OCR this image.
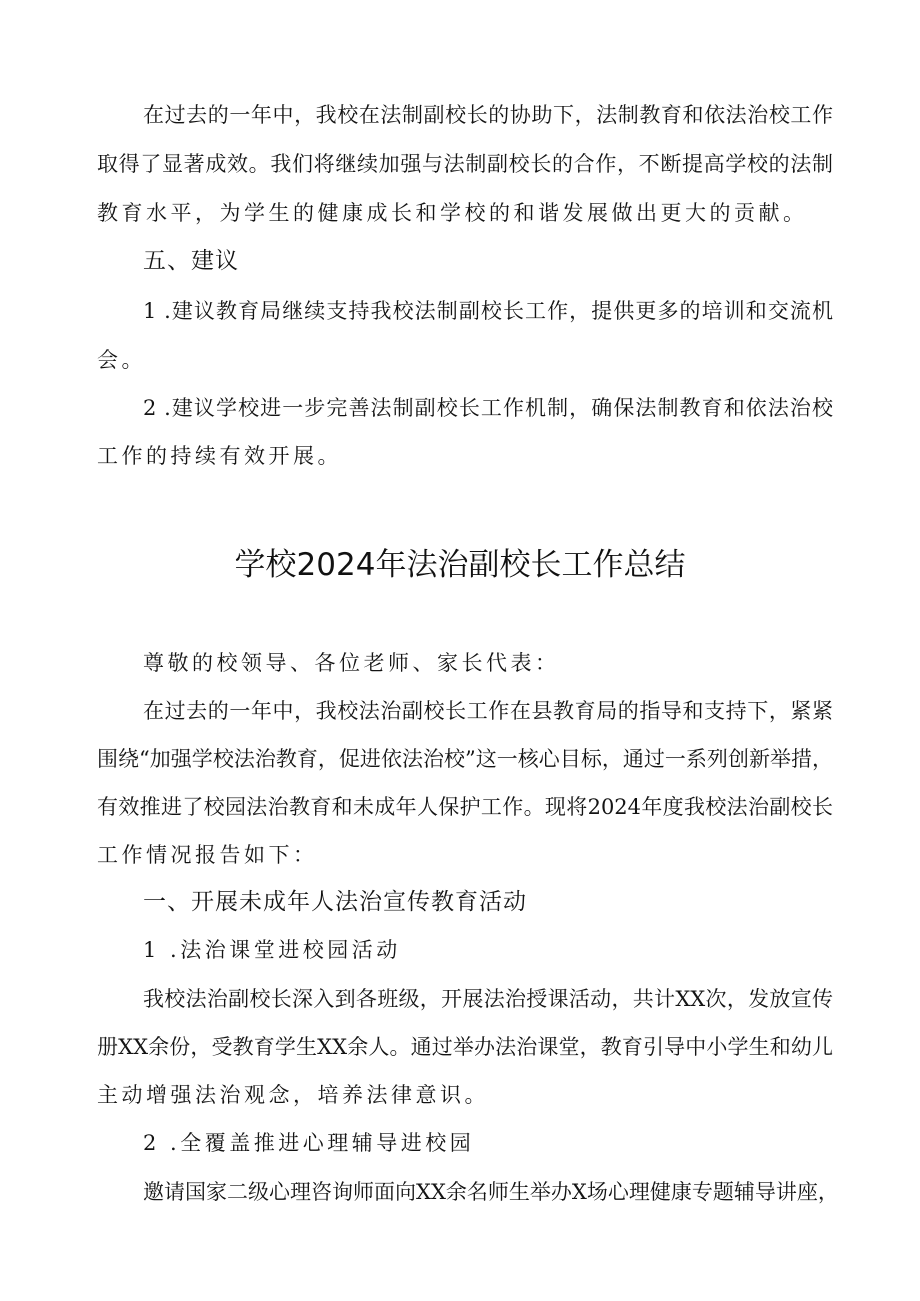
在过去的一年中，我校在法制副校长的协助下，法制教育和依法治校工作
取得了显著成效。我们将继续加强与法制副校长的合作，不断提高学校的法制
教育水平，为学生的健康成长和学校的和谐发展做出更大的贡献。
五、建议
1 .建议教育局继续支持我校法制副校长工作，提供更多的培训和交流机
会。
2 .建议学校进一步完善法制副校长工作机制，确保法制教育和依法治校
工作的持续有效开展。
学校2024年法治副校长工作总结
尊敬的校领导、各位老师、家长代表：
在过去的一年中，我校法治副校长工作在县教育局的指导和支持下，紧紧
围绕“加强学校法治教育，促进依法治校”这一核心目标，通过一系列创新举措，
有效推进了校园法治教育和未成年人保护工作。现将2024年度我校法治副校长
工作情况报告如下：
一、开展未成年人法治宣传教育活动
1 .法治课堂进校园活动
我校法治副校长深入到各班级，开展法治授课活动，共计XX次，发放宣传
册XX余份，受教育学生XX余人。通过举办法治课堂，教育引导中小学生和幼儿
主动增强法治观念，培养法律意识。
2 .全覆盖推进心理辅导进校园
邀请国家二级心理咨询师面向XX余名师生举办X场心理健康专题辅导讲座，
